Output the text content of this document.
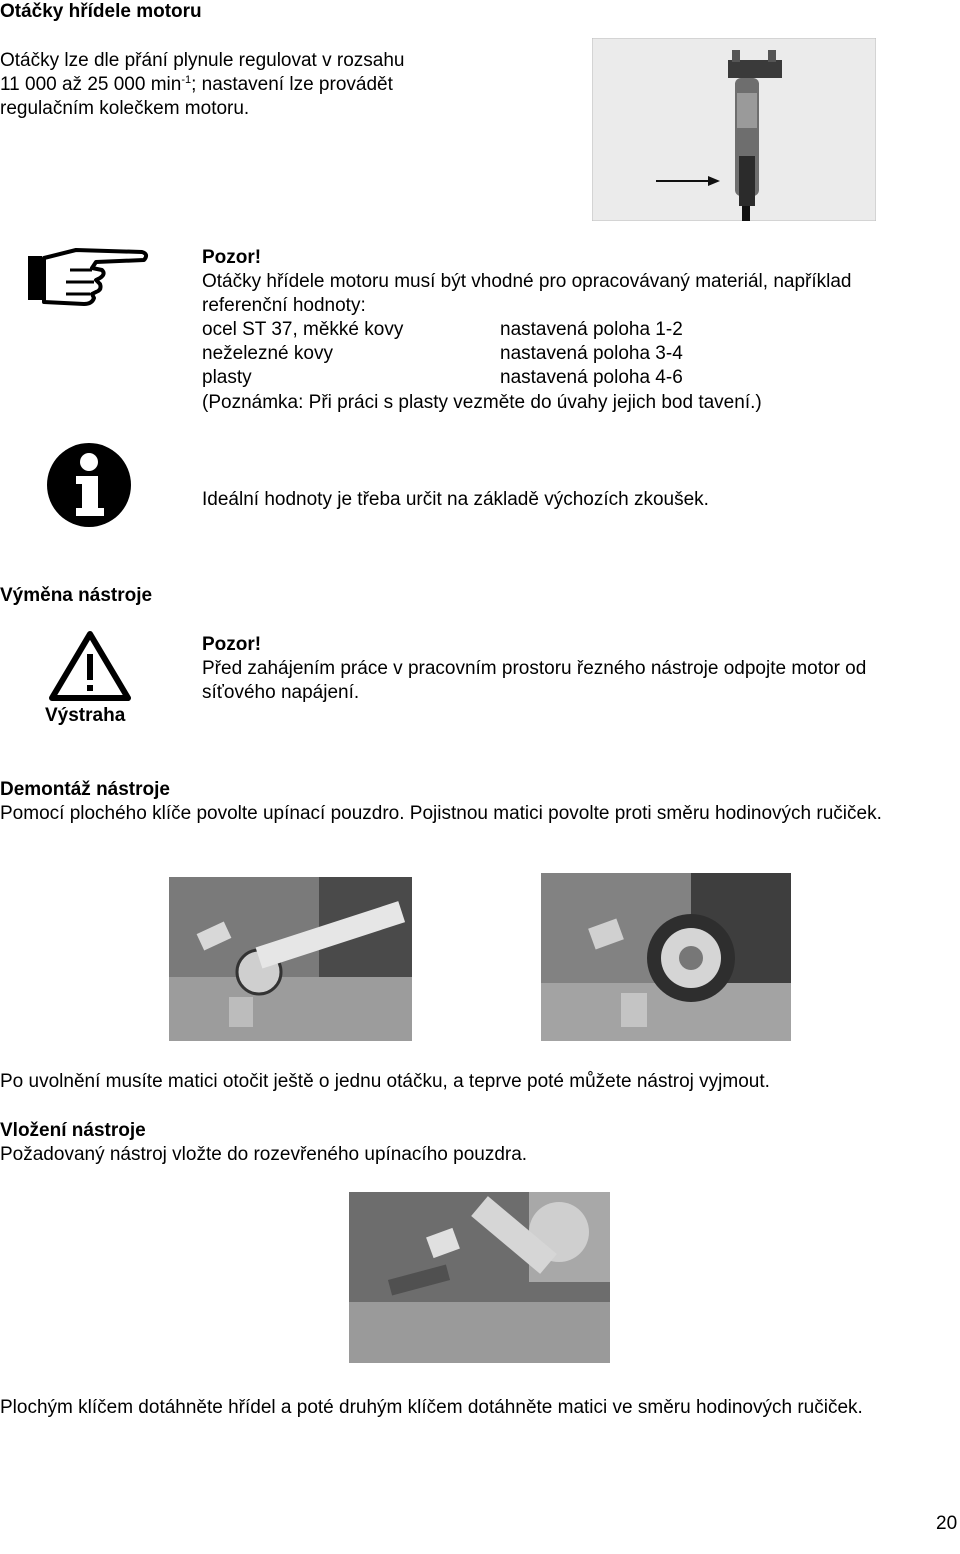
Otáčky hřídele motoru
Otáčky lze dle přání plynule regulovat v rozsahu
11 000 až 25 000 $\min^{-1}$; nastavení lze provádět
regulačním kolečkem motoru.
Pozor!
Otáčky hřídele motoru musí být vhodné pro opracovávaný materiál, například
referenční hodnoty:
ocel ST 37, měkké kovy	nastavená poloha 1-2
neželezné kovy	nastavená poloha 3-4
plasty	nastavená poloha 4-6
(Poznámka: Při práci s plasty vezměte do úvahy jejich bod tavení.)
Ideální hodnoty je třeba určit na základě výchozích zkoušek.
Výměna nástroje
Výstraha
Pozor!
Před zahájením práce v pracovním prostoru řezného nástroje odpojte motor od
síťového napájení.
Demontáž nástroje
Pomocí plochého klíče povolte upínací pouzdro. Pojistnou matici povolte proti směru hodinových ručiček.
Po uvolnění musíte matici otočit ještě o jednu otáčku, a teprve poté můžete nástroj vyjmout.
Vložení nástroje
Požadovaný nástroj vložte do rozevřeného upínacího pouzdra.
Plochým klíčem dotáhněte hřídel a poté druhým klíčem dotáhněte matici ve směru hodinových ručiček.
20
